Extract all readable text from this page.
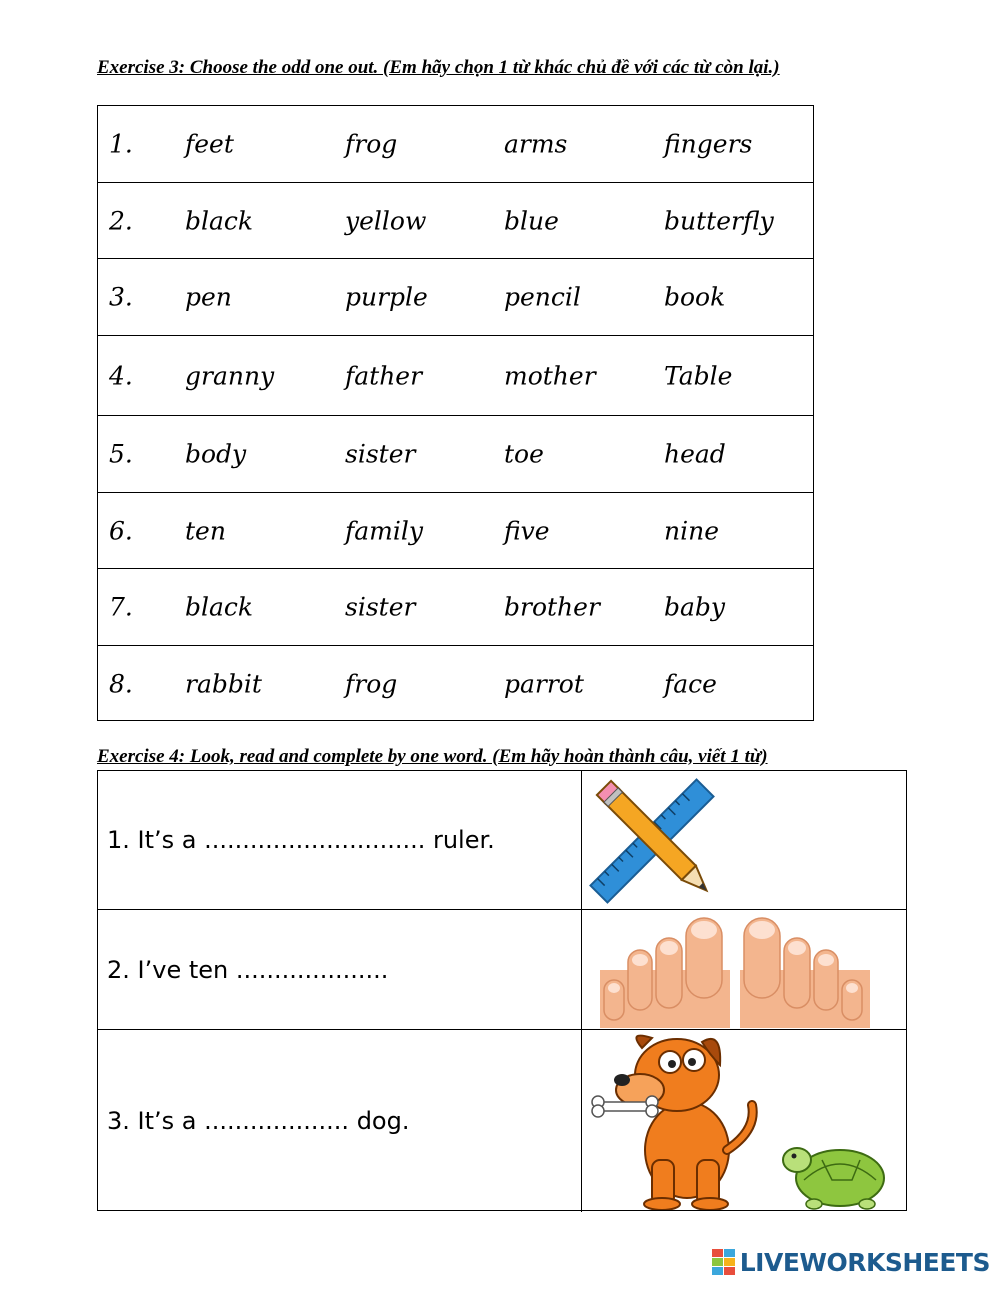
Exercise 3: Choose the odd one out. (Em hãy chọn 1 từ khác chủ đề với các từ còn lại.)
1. feet	frog	arms	fingers
2. black	yellow	blue	butterfly
3. pen	purple	pencil	book
4. granny	father	mother	Table
5. body	sister	toe	head
6. ten	family	five	nine
7. black	sister	brother	baby
8. rabbit	frog	parrot	face
Exercise 4: Look, read and complete by one word. (Em hãy hoàn thành câu, viết 1 từ)
1. It’s a ............................. ruler.
2. I’ve ten ....................
3. It’s a ................... dog.
LIVEWORKSHEETS
